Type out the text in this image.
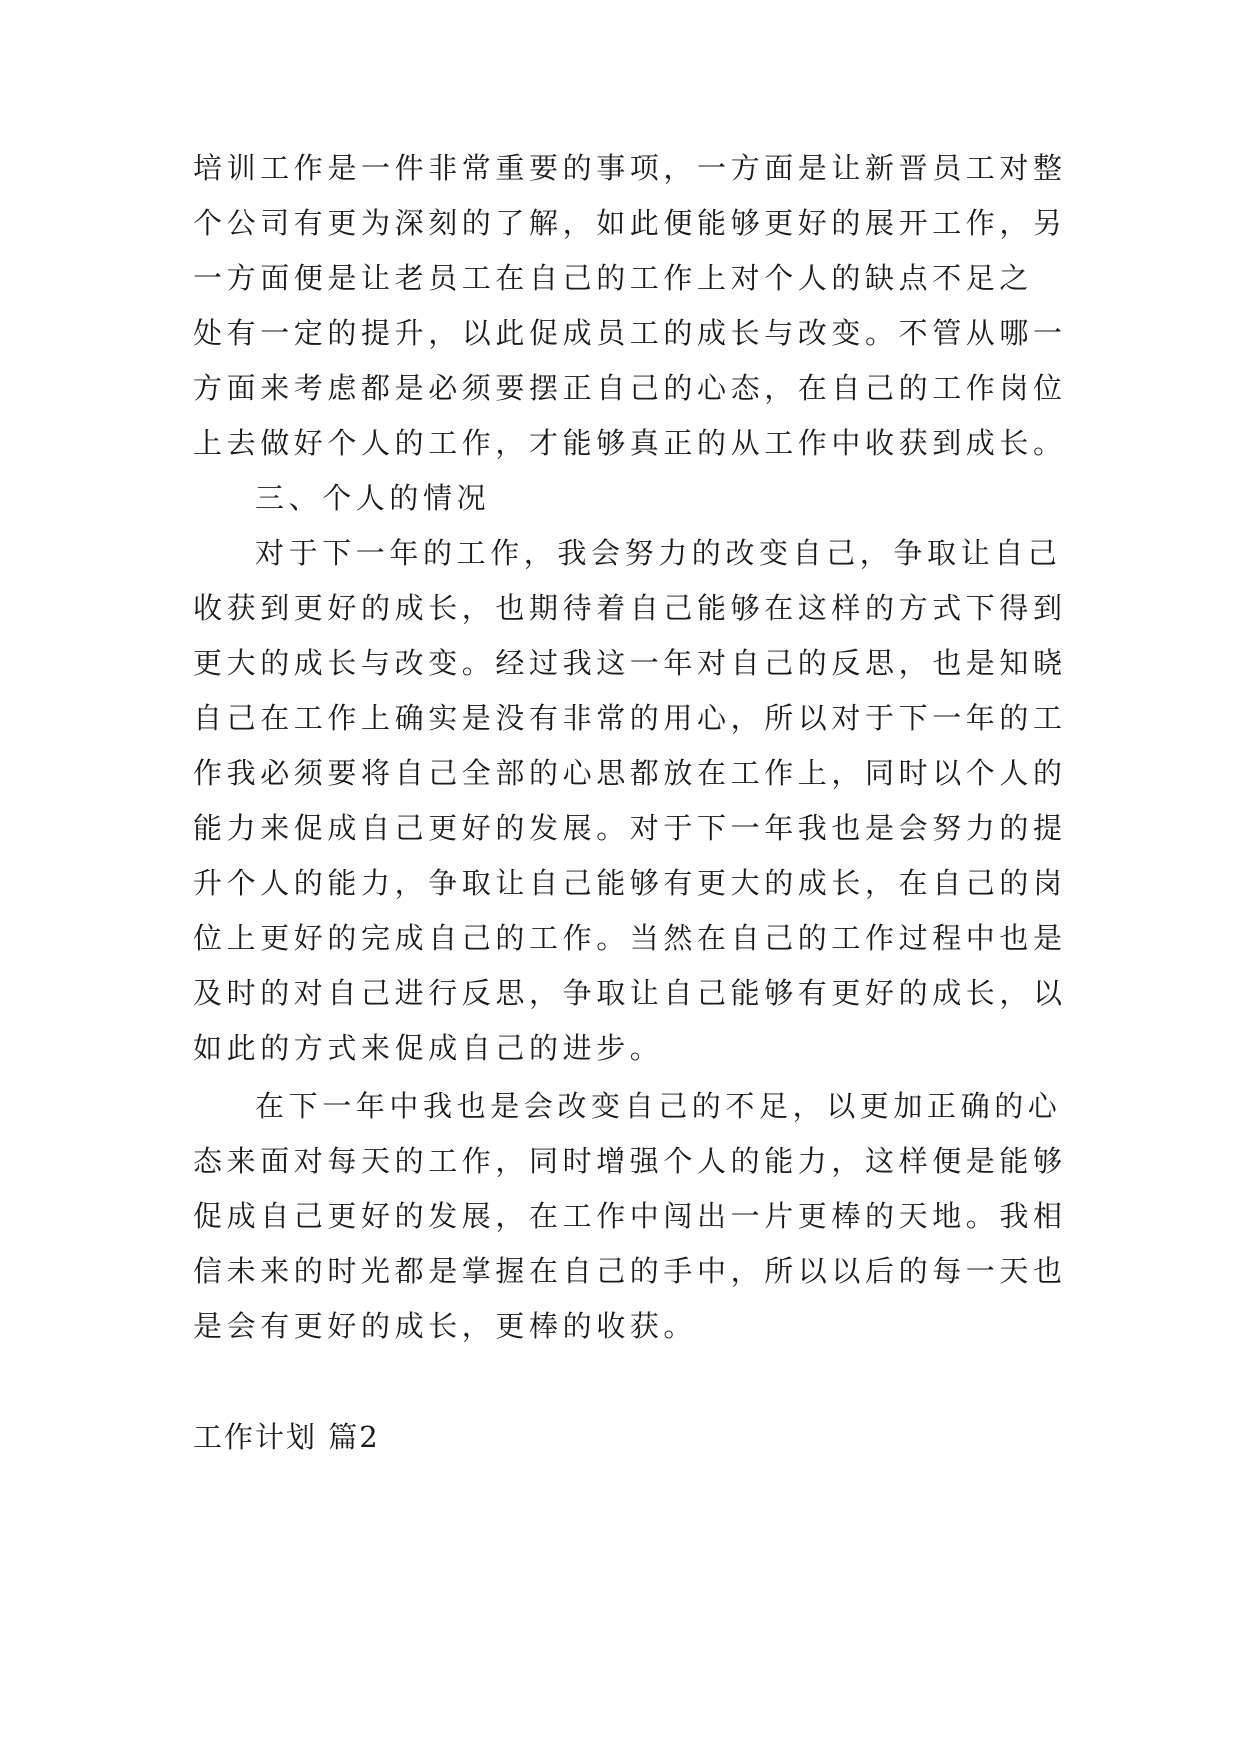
培训工作是一件非常重要的事项，一方面是让新晋员工对整
个公司有更为深刻的了解，如此便能够更好的展开工作，另
一方面便是让老员工在自己的工作上对个人的缺点不足之
处有一定的提升，以此促成员工的成长与改变。不管从哪一
方面来考虑都是必须要摆正自己的心态，在自己的工作岗位
上去做好个人的工作，才能够真正的从工作中收获到成长。
三、个人的情况
对于下一年的工作，我会努力的改变自己，争取让自己
收获到更好的成长，也期待着自己能够在这样的方式下得到
更大的成长与改变。经过我这一年对自己的反思，也是知晓
自己在工作上确实是没有非常的用心，所以对于下一年的工
作我必须要将自己全部的心思都放在工作上，同时以个人的
能力来促成自己更好的发展。对于下一年我也是会努力的提
升个人的能力，争取让自己能够有更大的成长，在自己的岗
位上更好的完成自己的工作。当然在自己的工作过程中也是
及时的对自己进行反思，争取让自己能够有更好的成长，以
如此的方式来促成自己的进步。
在下一年中我也是会改变自己的不足，以更加正确的心
态来面对每天的工作，同时增强个人的能力，这样便是能够
促成自己更好的发展，在工作中闯出一片更棒的天地。我相
信未来的时光都是掌握在自己的手中，所以以后的每一天也
是会有更好的成长，更棒的收获。
工作计划 篇2
